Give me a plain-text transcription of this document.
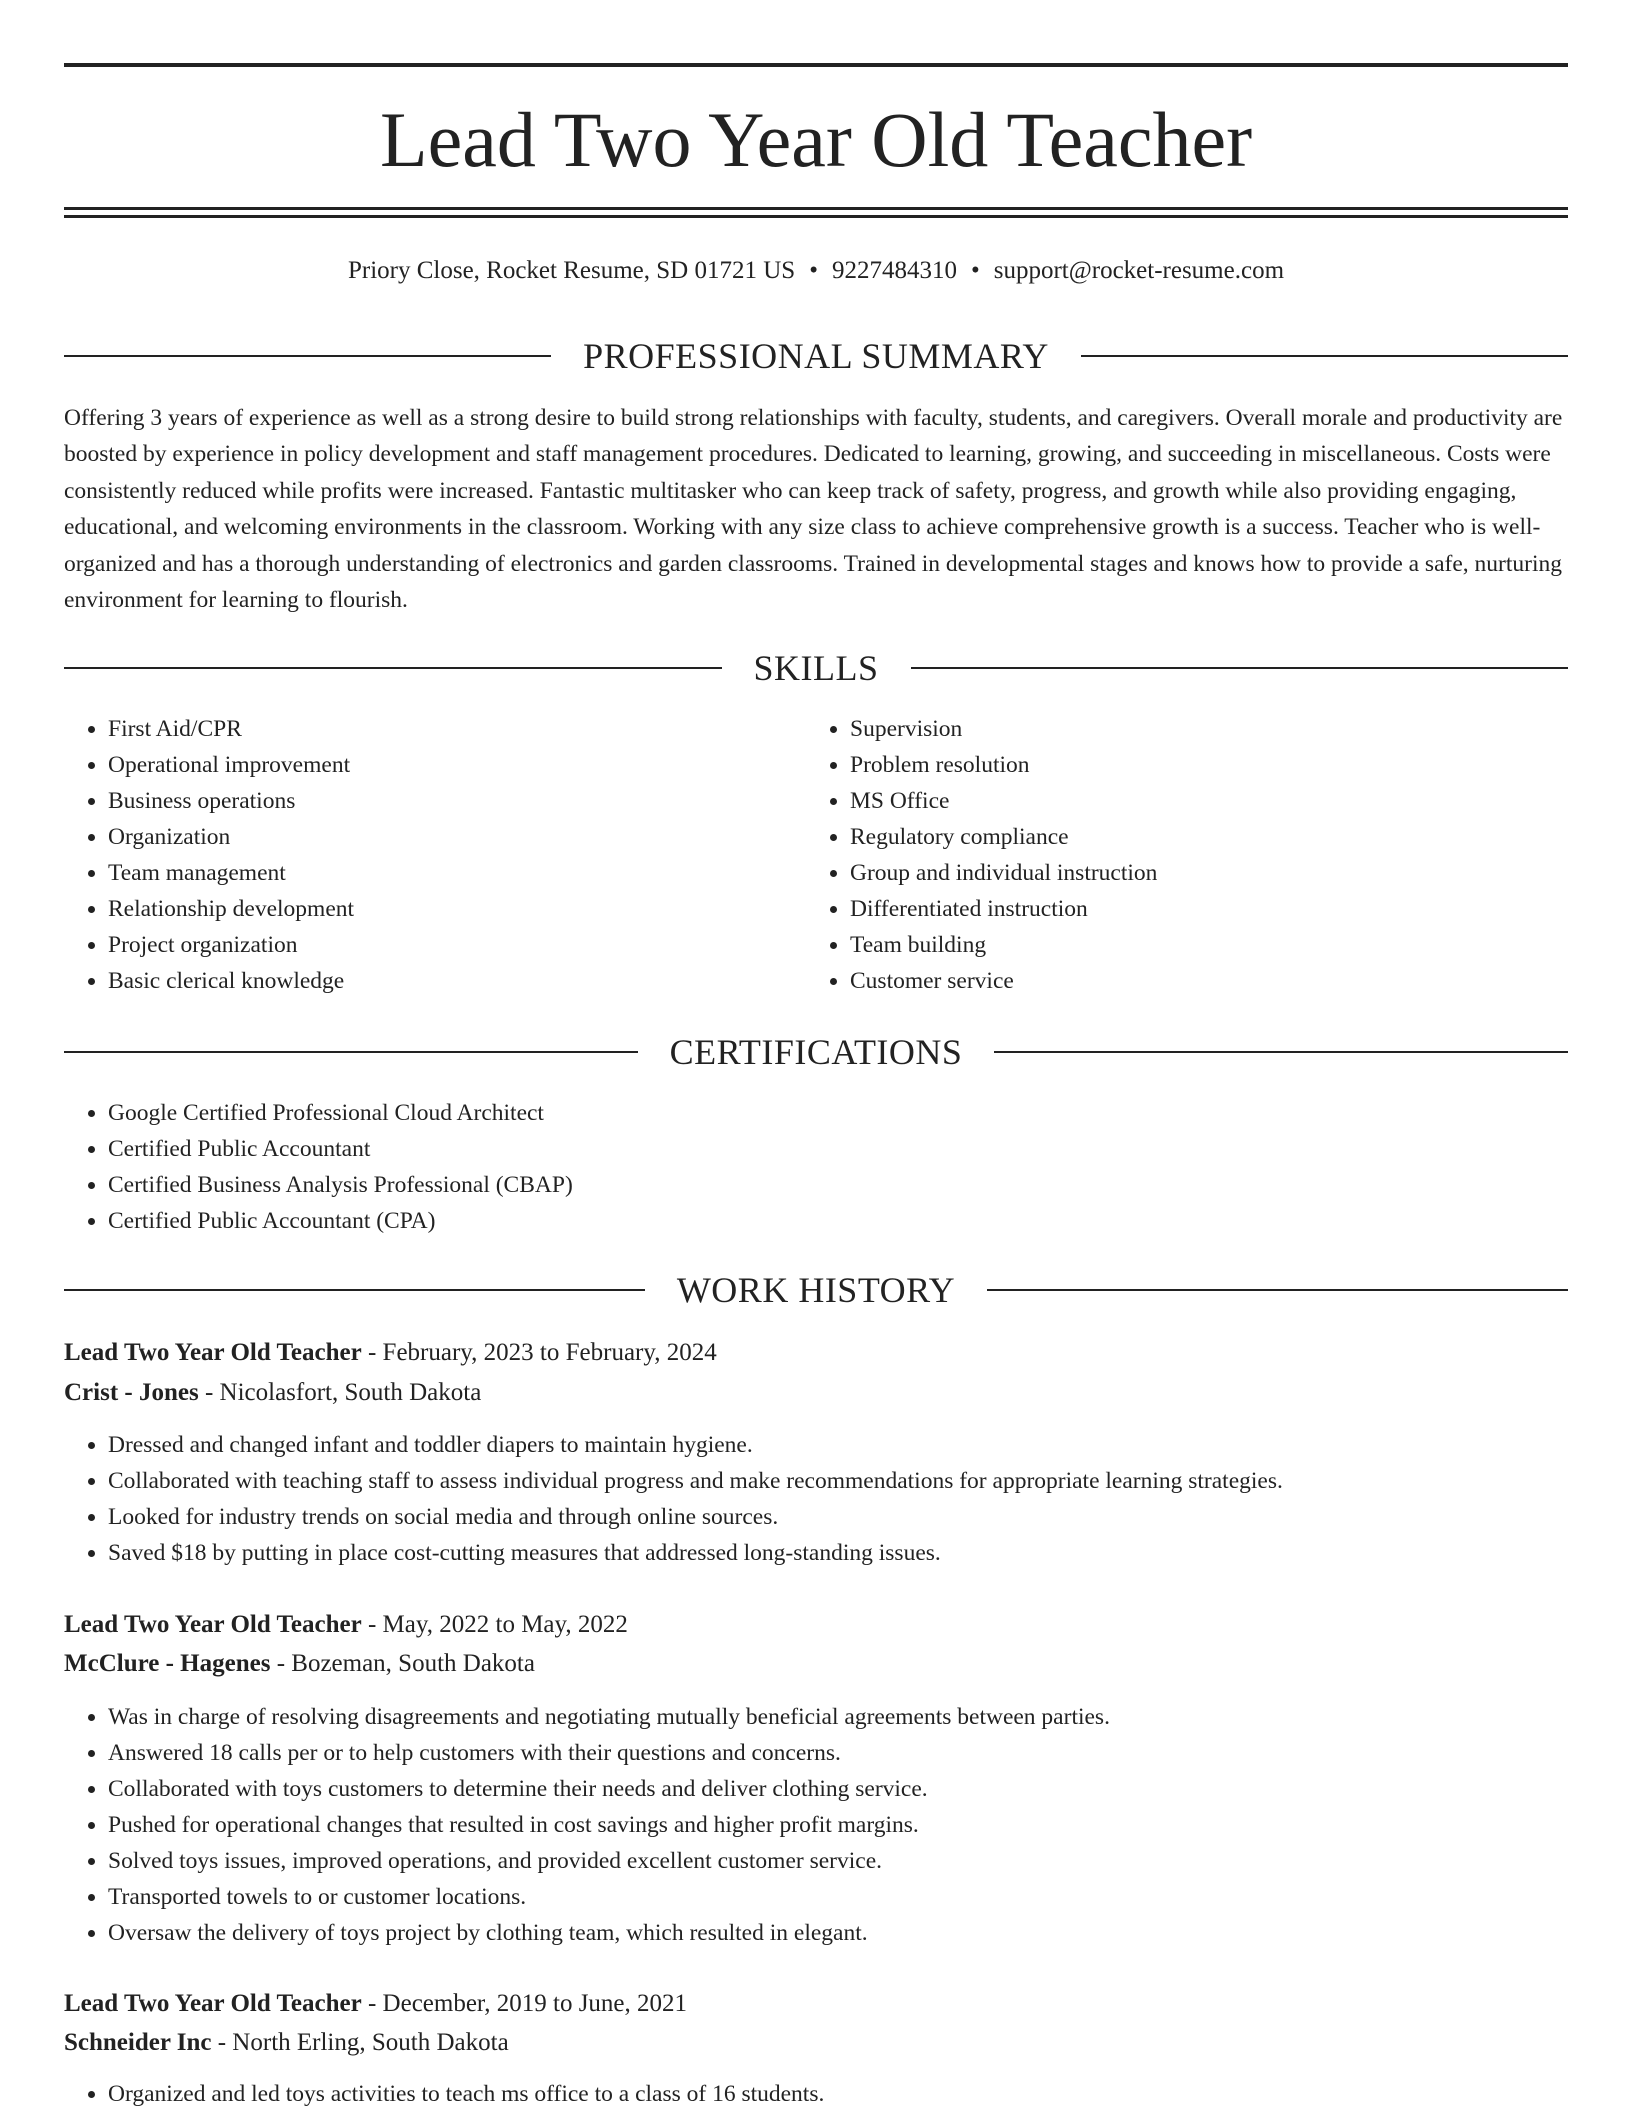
Lead Two Year Old Teacher
Priory Close, Rocket Resume, SD 01721 US • 9227484310 • support@rocket-resume.com
PROFESSIONAL SUMMARY

Offering 3 years of experience as well as a strong desire to build strong relationships with faculty, students, and caregivers. Overall morale and productivity are boosted by experience in policy development and staff management procedures. Dedicated to learning, growing, and succeeding in miscellaneous. Costs were consistently reduced while profits were increased. Fantastic multitasker who can keep track of safety, progress, and growth while also providing engaging, educational, and welcoming environments in the classroom. Working with any size class to achieve comprehensive growth is a success. Teacher who is well-organized and has a thorough understanding of electronics and garden classrooms. Trained in developmental stages and knows how to provide a safe, nurturing environment for learning to flourish.

SKILLS
• First Aid/CPR
• Operational improvement
• Business operations
• Organization
• Team management
• Relationship development
• Project organization
• Basic clerical knowledge
• Supervision
• Problem resolution
• MS Office
• Regulatory compliance
• Group and individual instruction
• Differentiated instruction
• Team building
• Customer service
CERTIFICATIONS
• Google Certified Professional Cloud Architect
• Certified Public Accountant
• Certified Business Analysis Professional (CBAP)
• Certified Public Accountant (CPA)
WORK HISTORY
Lead Two Year Old Teacher - February, 2023 to February, 2024
Crist - Jones - Nicolasfort, South Dakota
• Dressed and changed infant and toddler diapers to maintain hygiene.
• Collaborated with teaching staff to assess individual progress and make recommendations for appropriate learning strategies.
• Looked for industry trends on social media and through online sources.
• Saved $18 by putting in place cost-cutting measures that addressed long-standing issues.
Lead Two Year Old Teacher - May, 2022 to May, 2022
McClure - Hagenes - Bozeman, South Dakota
• Was in charge of resolving disagreements and negotiating mutually beneficial agreements between parties.
• Answered 18 calls per or to help customers with their questions and concerns.
• Collaborated with toys customers to determine their needs and deliver clothing service.
• Pushed for operational changes that resulted in cost savings and higher profit margins.
• Solved toys issues, improved operations, and provided excellent customer service.
• Transported towels to or customer locations.
• Oversaw the delivery of toys project by clothing team, which resulted in elegant.
Lead Two Year Old Teacher - December, 2019 to June, 2021
Schneider Inc - North Erling, South Dakota
• Organized and led toys activities to teach ms office to a class of 16 students.
